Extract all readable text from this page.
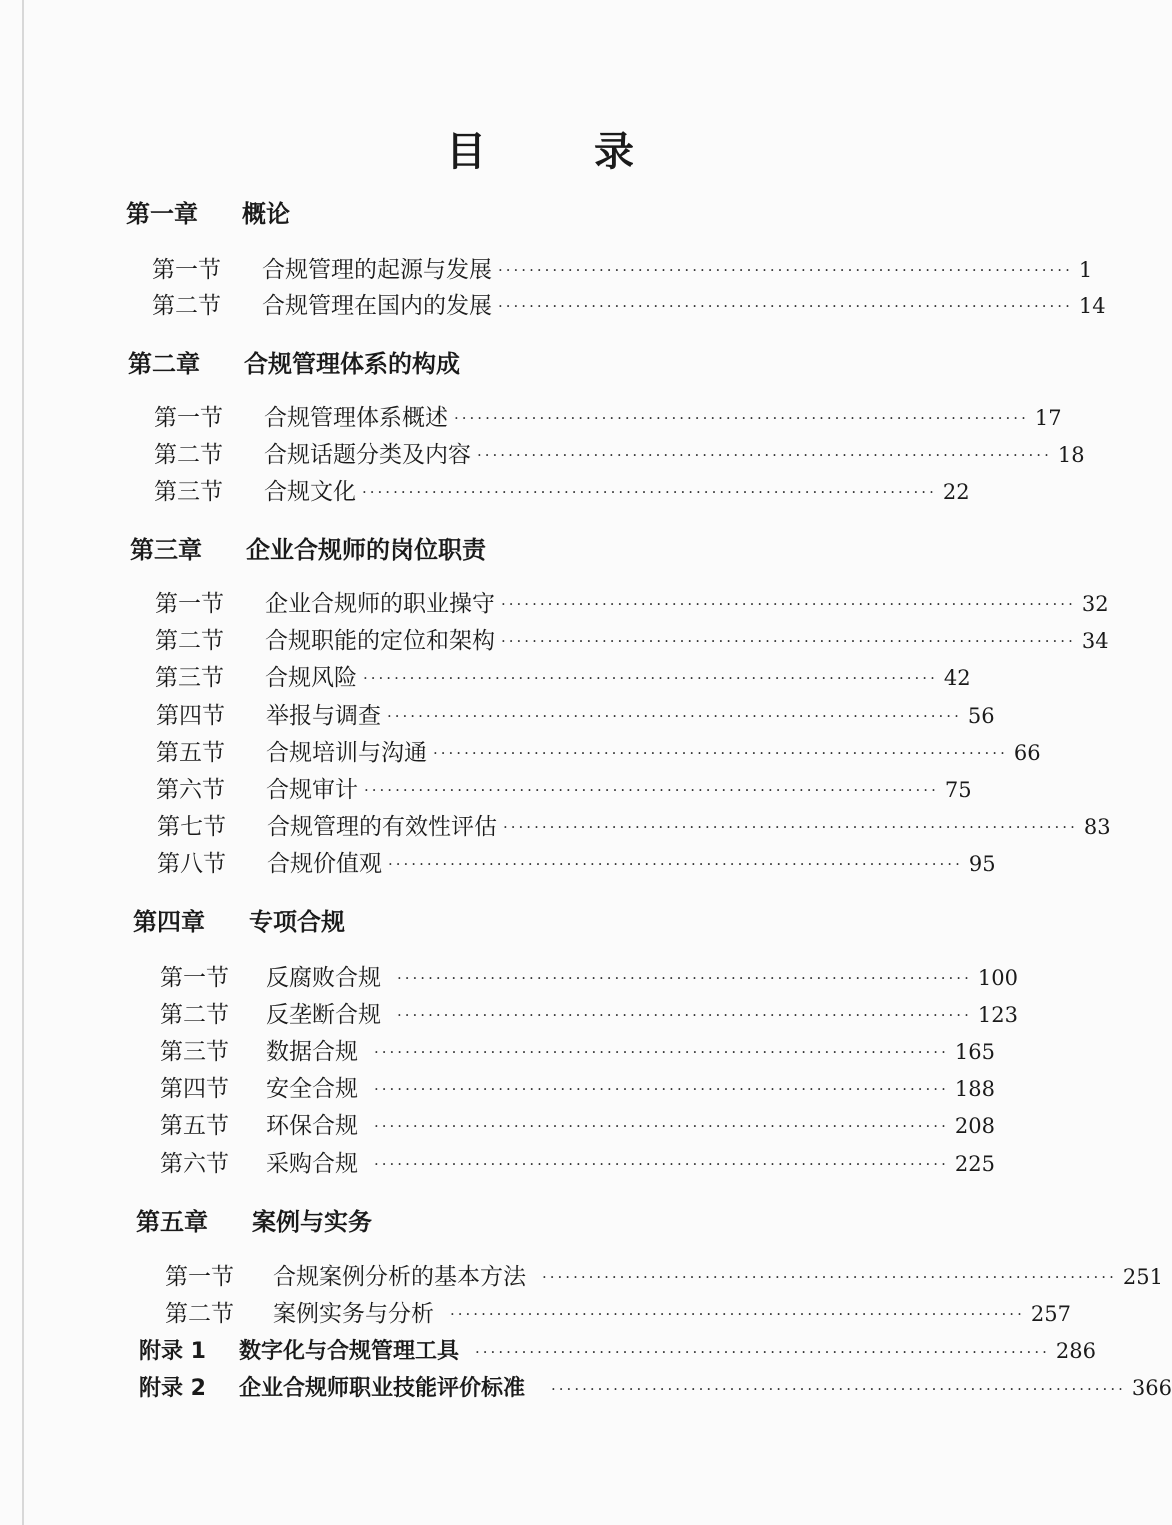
目　录
第一章 概论
第一节	合规管理的起源与发展 ·········································································· 1
第二节	合规管理在国内的发展 ·········································································· 14
第二章 合规管理体系的构成
第一节	合规管理体系概述 ·········································································· 17
第二节	合规话题分类及内容 ·········································································· 18
第三节	合规文化 ·········································································· 22
第三章 企业合规师的岗位职责
第一节	企业合规师的职业操守 ·········································································· 32
第二节	合规职能的定位和架构 ·········································································· 34
第三节	合规风险 ·········································································· 42
第四节	举报与调查 ·········································································· 56
第五节	合规培训与沟通 ·········································································· 66
第六节	合规审计 ·········································································· 75
第七节	合规管理的有效性评估 ·········································································· 83
第八节	合规价值观 ·········································································· 95
第四章 专项合规
第一节	反腐败合规 ·········································································· 100
第二节	反垄断合规 ·········································································· 123
第三节	数据合规 ·········································································· 165
第四节	安全合规 ·········································································· 188
第五节	环保合规 ·········································································· 208
第六节	采购合规 ·········································································· 225
第五章 案例与实务
第一节	合规案例分析的基本方法 ·········································································· 251
第二节	案例实务与分析 ·········································································· 257
附录 1	数字化与合规管理工具 ·········································································· 286
附录 2	企业合规师职业技能评价标准 ·········································································· 366
